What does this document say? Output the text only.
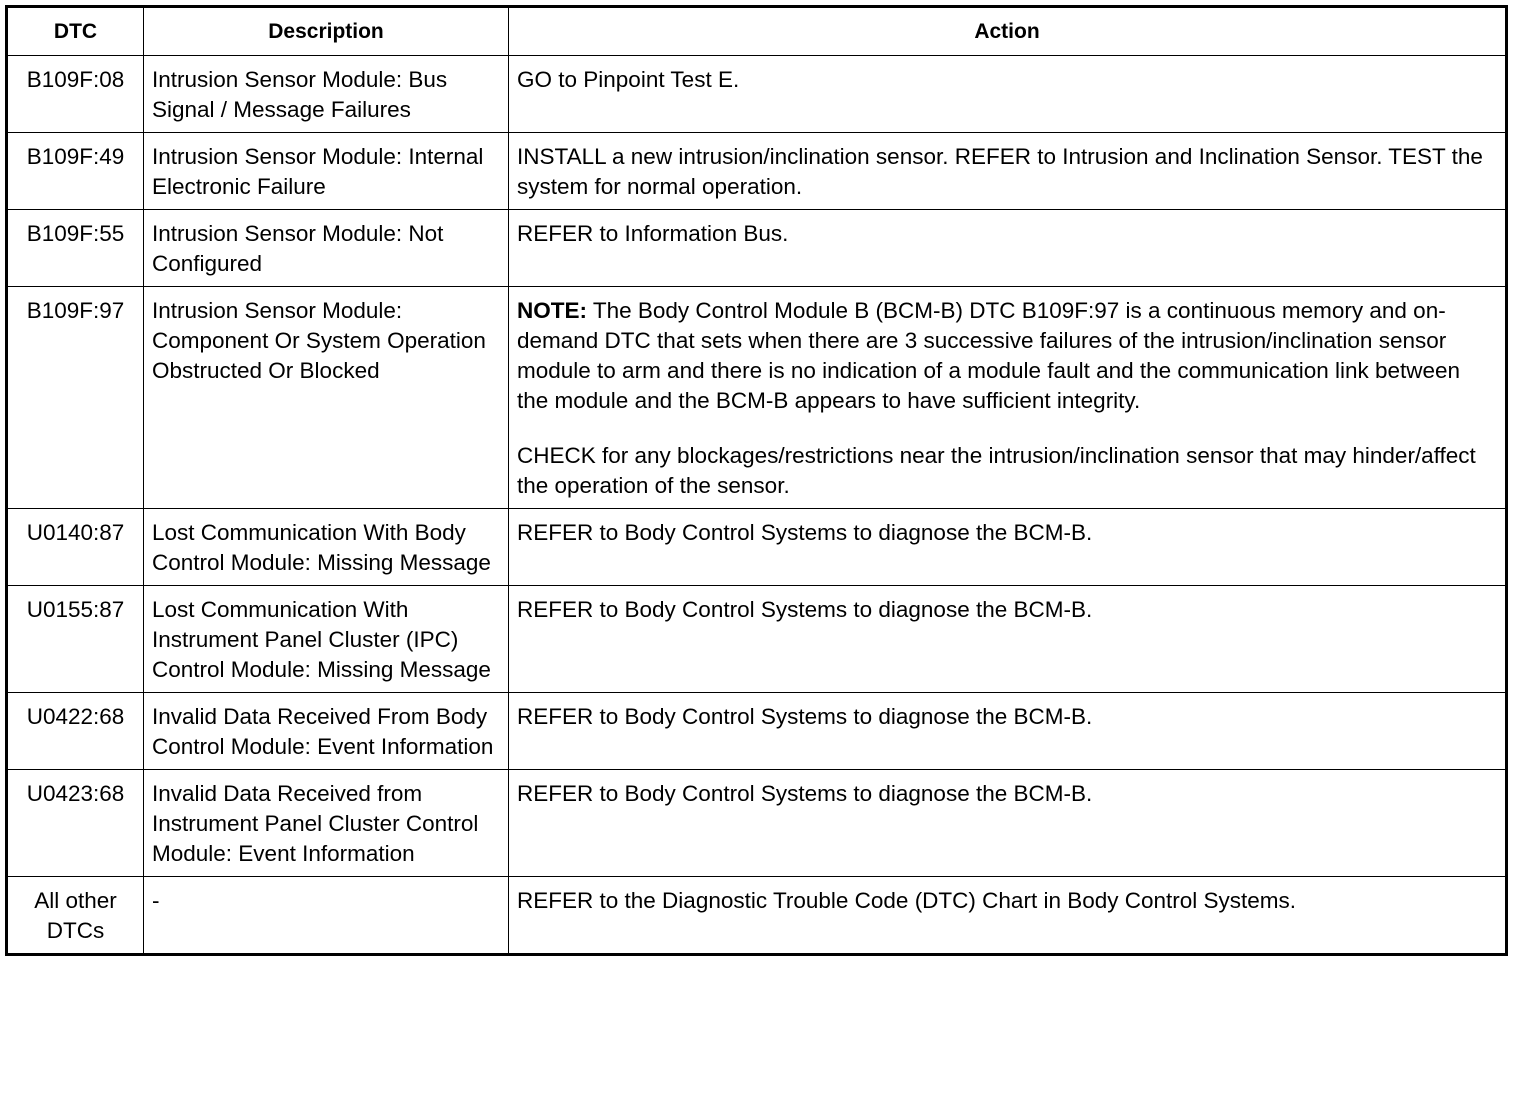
DTC	Description	Action
B109F:08	Intrusion Sensor Module: Bus Signal / Message Failures	GO to Pinpoint Test E.

B109F:49	Intrusion Sensor Module: Internal Electronic Failure	INSTALL a new intrusion/inclination sensor. REFER to Intrusion and Inclination Sensor. TEST the system for normal operation.

B109F:55	Intrusion Sensor Module: Not Configured	REFER to Information Bus.

B109F:97	Intrusion Sensor Module: Component Or System Operation Obstructed Or Blocked	NOTE: The Body Control Module B (BCM-B) DTC B109F:97 is a continuous memory and on-demand DTC that sets when there are 3 successive failures of the intrusion/inclination sensor module to arm and there is no indication of a module fault and the communication link between the module and the BCM-B appears to have sufficient integrity.

CHECK for any blockages/restrictions near the intrusion/inclination sensor that may hinder/affect the operation of the sensor.

U0140:87	Lost Communication With Body Control Module: Missing Message	REFER to Body Control Systems to diagnose the BCM-B.

U0155:87	Lost Communication With Instrument Panel Cluster (IPC) Control Module: Missing Message	REFER to Body Control Systems to diagnose the BCM-B.

U0422:68	Invalid Data Received From Body Control Module: Event Information	REFER to Body Control Systems to diagnose the BCM-B.

U0423:68	Invalid Data Received from Instrument Panel Cluster Control Module: Event Information	REFER to Body Control Systems to diagnose the BCM-B.

All other DTCs	-	REFER to the Diagnostic Trouble Code (DTC) Chart in Body Control Systems.
